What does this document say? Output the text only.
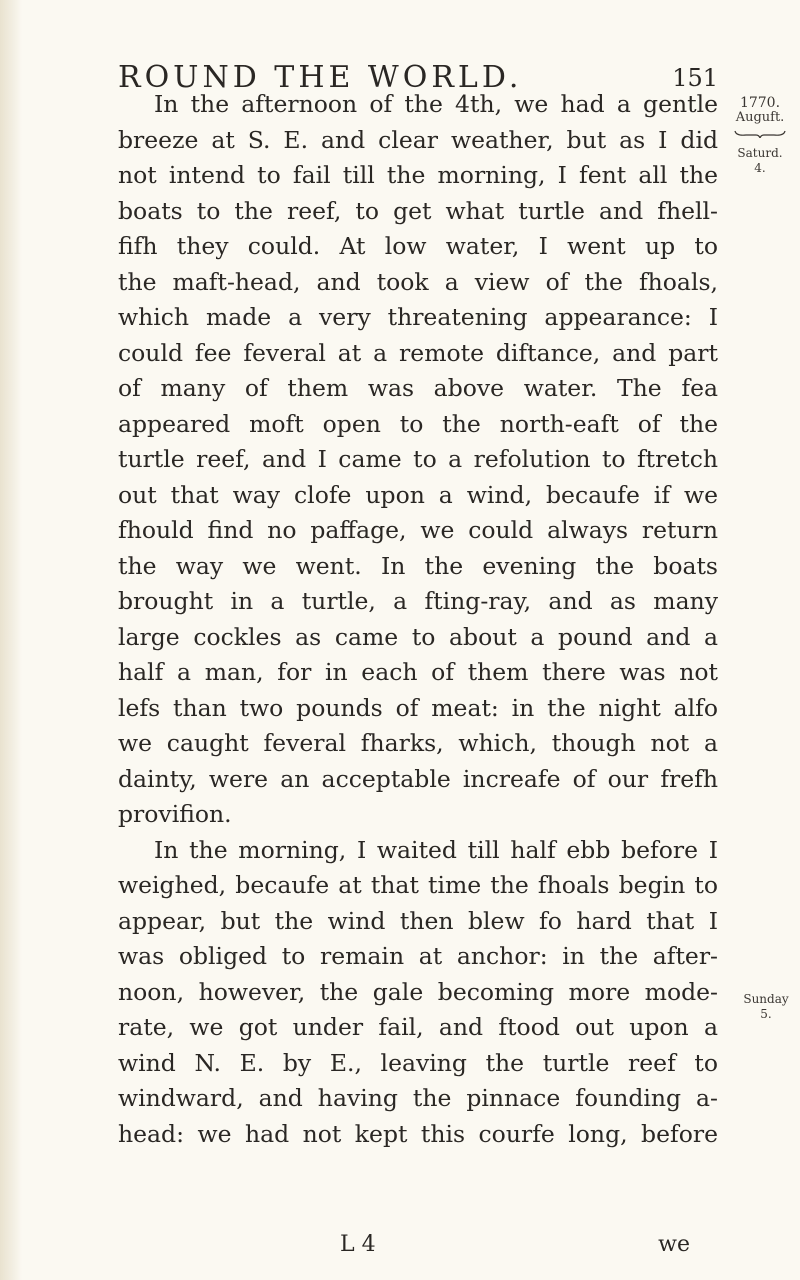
ROUND THE WORLD.	151
1770.
Auguft.
Saturd. 4.
Sunday 5.
In the afternoon of the 4th, we had a gentle
breeze at S. E. and clear weather, but as I did
not intend to fail till the morning, I fent all the
boats to the reef, to get what turtle and fhell-
fifh they could. At low water, I went up to
the maft-head, and took a view of the fhoals,
which made a very threatening appearance: I
could fee feveral at a remote diftance, and part
of many of them was above water. The fea
appeared moft open to the north-eaft of the
turtle reef, and I came to a refolution to ftretch
out that way clofe upon a wind, becaufe if we
fhould find no paffage, we could always return
the way we went. In the evening the boats
brought in a turtle, a fting-ray, and as many
large cockles as came to about a pound and a
half a man, for in each of them there was not
lefs than two pounds of meat: in the night alfo
we caught feveral fharks, which, though not a
dainty, were an acceptable increafe of our frefh
provifion.
In the morning, I waited till half ebb before I
weighed, becaufe at that time the fhoals begin to
appear, but the wind then blew fo hard that I
was obliged to remain at anchor: in the after-
noon, however, the gale becoming more mode-
rate, we got under fail, and ftood out upon a
wind N. E. by E., leaving the turtle reef to
windward, and having the pinnace founding a-
head: we had not kept this courfe long, before
L 4	we
